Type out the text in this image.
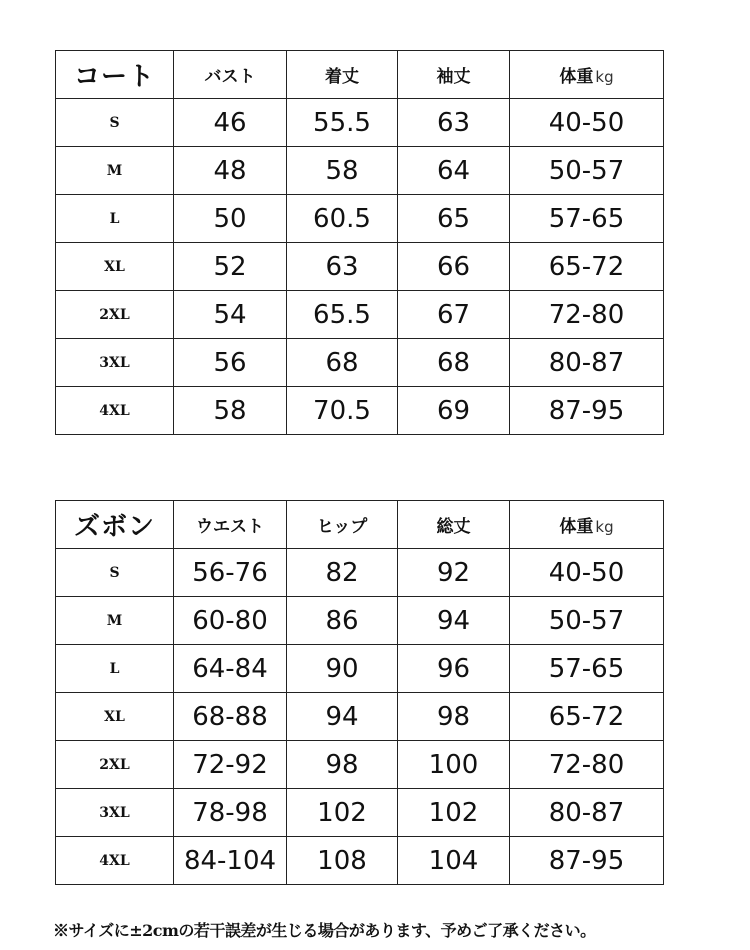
コート	バスト	着丈	袖丈	体重 kg
S	46	55.5	63	40-50
M	48	58	64	50-57
L	50	60.5	65	57-65
XL	52	63	66	65-72
2XL	54	65.5	67	72-80
3XL	56	68	68	80-87
4XL	58	70.5	69	87-95
ズボン	ウエスト	ヒップ	総丈	体重 kg
S	56-76	82	92	40-50
M	60-80	86	94	50-57
L	64-84	90	96	57-65
XL	68-88	94	98	65-72
2XL	72-92	98	100	72-80
3XL	78-98	102	102	80-87
4XL	84-104	108	104	87-95
※サイズに±2cmの若干誤差が生じる場合があります、予めご了承ください。
